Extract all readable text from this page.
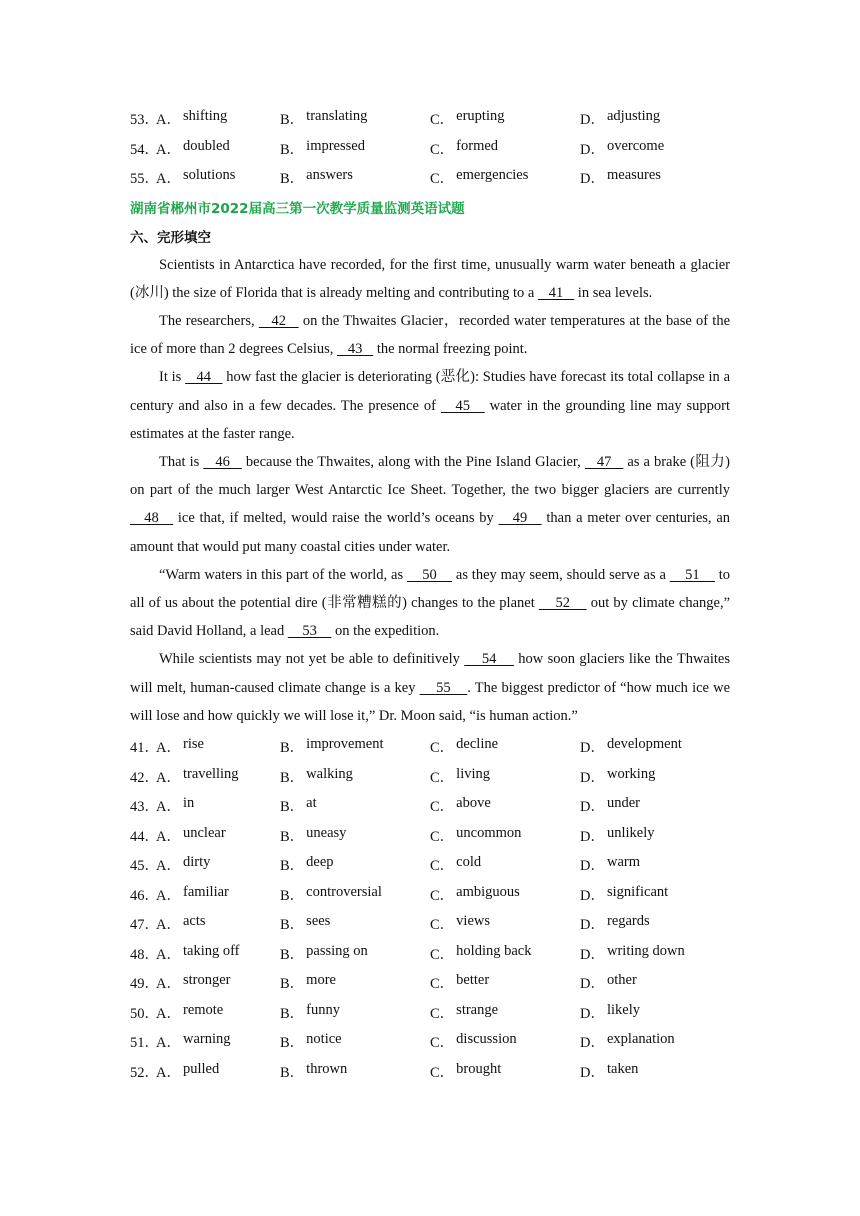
53．
A． shifting	B． translating	C． erupting	D． adjusting
54．
A． doubled	B． impressed	C． formed	D． overcome
55．
A． solutions	B． answers	C． emergencies	D． measures
湖南省郴州市2022届高三第一次教学质量监测英语试题
六、完形填空

Scientists in Antarctica have recorded, for the first time, unusually warm water beneath a glacier (冰川) the size of Florida that is already melting and contributing to a    41    in sea levels.

The researchers,    42    on the Thwaites Glacier，recorded water temperatures at the base of the ice of more than 2 degrees Celsius,    43    the normal freezing point.

It is    44    how fast the glacier is deteriorating (恶化): Studies have forecast its total collapse in a century and also in a few decades. The presence of    45    water in the grounding line may support estimates at the faster range.

That is    46    because the Thwaites, along with the Pine Island Glacier,    47    as a brake (阻力) on part of the much larger West Antarctic Ice Sheet. Together, the two bigger glaciers are currently    48    ice that, if melted, would raise the world’s oceans by    49    than a meter over centuries, an amount that would put many coastal cities under water.

“Warm waters in this part of the world, as     50     as they may seem, should serve as a     51     to all of us about the potential dire (非常糟糕的) changes to the planet     52     out by climate change,” said David Holland, a lead     53     on the expedition.

While scientists may not yet be able to definitively     54     how soon glaciers like the Thwaites will melt, human-caused climate change is a key     55    . The biggest predictor of “how much ice we will lose and how quickly we will lose it,” Dr. Moon said, “is human action.”

41．
A． rise	B． improvement	C． decline	D． development
42．
A． travelling	B． walking	C． living	D． working
43．
A． in	B． at	C． above	D． under
44．
A． unclear	B． uneasy	C． uncommon	D． unlikely
45．
A． dirty	B． deep	C． cold	D． warm
46．
A． familiar	B． controversial	C． ambiguous	D． significant
47．
A． acts	B． sees	C． views	D． regards
48．
A． taking off	B． passing on	C． holding back	D． writing down
49．
A． stronger	B． more	C． better	D． other
50．
A． remote	B． funny	C． strange	D． likely
51．
A． warning	B． notice	C． discussion	D． explanation
52．
A． pulled	B． thrown	C． brought	D． taken
